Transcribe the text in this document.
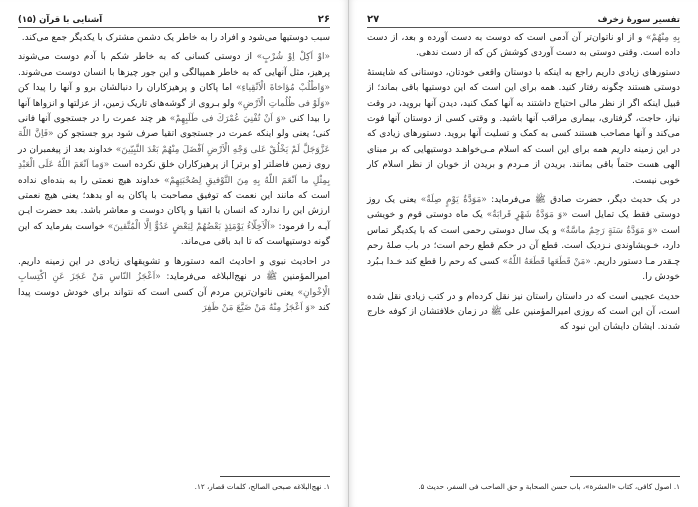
۲۶
آشنایی با قرآن (۱۵)

سبب دوستیها می‌شود و افراد را به خاطر یک دشمن مشترک با یکدیگر جمع می‌کند.

«اوْ اَکِلْ اِوْ شُرْبٍ» از دوستی کسانی که به خاطر شکم با آدم دوست می‌شوند پرهیز، مثل آنهایی که به خاطر همپیالگی و این جور چیزها با انسان دوست می‌شوند. «وَاطْلُبْ مُؤاخاةَ الْاَتْقِياءِ» اما پاکان و پرهیزکاران را دنبالشان برو و آنها را پیدا کن «وَلَوْ فى ظُلُماتِ الْاَرْضِ» ولو بـروی از گوشه‌های تاریک زمین، از عزلتها و انزواها آنها را بیدا کنی «وَ اَنْ تُفْنِيَ عُمْرَكَ فى طَلَبِهِمْ» هر چند عمرت را در جستجوی آنها فانی کنی؛ یعنی ولو اینکه عمرت در جستجوی اتقیا صرف شود برو جستجو کن «فَاِنَّ اللّهَ عَزَّوَجَلَّ لَمْ يَخْلُقْ عَلى وَجْهِ الْاَرْضِ اَفْضَلَ مِنْهُمْ بَعْدَ النَّبِيّينَ» خداوند بعد از پیغمبران در روی زمین فاضلتر [و برتر] از پرهیزکاران خلق نکرده است «وَما اَنْعَمَ اللّهُ عَلَى الْعَبْدِ بِمِثْلِ ما اَنْعَمَ اللّهُ بِهِ مِنَ التَّوْفيقِ لِصُحْبَتِهِمْ» خداوند هیچ نعمتی را به بنده‌ای نداده است که مانند این نعمت که توفیق مصاحبت با پاکان به او بدهد؛ یعنی هیچ نعمتی ارزش این را ندارد که انسان با اتقیا و پاکان دوست و معاشر باشد. بعد حضرت ایـن آیـه را فرمود: «اَلْاَخِلّاءُ يَوْمَئِذٍ بَعْضُهُمْ لِبَعْضٍ عَدُوٌّ اِلَّا الْمُتَّقينَ» خواست بفرماید که این گونه دوستیهاست که تا ابد باقی می‌ماند.

در احادیث نبوی و احادیث ائمه دستورها و تشویقهای زیادی در این زمینه داریم. امیرالمؤمنین ﷺ در نهج‌البلاغه می‌فرماید: «اَعْجَزُ النّاسِ مَنْ عَجَزَ عَنِ اكْتِسابِ الْاِخْوانِ» یعنی ناتوان‌ترین مردم آن کسی است که نتواند برای خودش دوست پیدا کند «وَ اَعْجَزُ مِنْهُ مَنْ ضَيَّعَ مَنْ ظَفِرَ

۱. نهج‌البلاغه صبحی الصالح، کلمات قصار، ۱۲.
تفسیر سورهٔ زخرف
۲۷

بِهِ مِنْهُمْ» و از او ناتوان‌تر آن آدمی است که دوست به دست آورده و بعد، از دست داده است. وقتی دوستی به دست آوردی کوشش کن که از دست ندهی.

دستورهای زیادی داریم راجع به اینکه با دوستان واقعی خودتان، دوستانی که شایستهٔ دوستی هستند چگونه رفتار کنید. همه برای این است که این دوستیها باقی بماند؛ از قبیل اینکه اگر از نظر مالی احتیاج داشتند به آنها کمک کنید، دیدن آنها بروید، در وقت نیاز، حاجت، گرفتاری، بیماری مراقب آنها باشید. و وقتی کسی از دوستان آنها فوت می‌کند و آنها مصاحب هستند کسی به کمک و تسلیت آنها بروید. دستورهای زیادی که در این زمینه داریم همه برای این است که اسلام مـی‌خواهـد دوستیهایی که بر مبنای الهی هست حتماً باقی بمانند. بریدن از مـردم و بریدن از خوبان از نظر اسلام کار خوبی نیست.

در یک حدیث دیگر، حضرت صادق ﷺ می‌فرماید: «مَوَدَّةُ يَوْمٍ صِلَةٌ» یعنی یک روز دوستی فقط یک تمایل است «وَ مَوَدَّةُ شَهْرٍ قَرابَةٌ» یک ماه دوستی قوم و خویشی است «وَ مَوَدَّةُ سَنَةٍ رَحِمٌ ماسَّةٌ» و یک سال دوستی رحمی است که با یکدیگر تماس دارد، خـویشاوندی نـزدیک است. قطع آن در حکم قطع رحم است؛ در باب صلهٔ رحم چـقدر مـا دستور داریم. «مَنْ قَطَعَها قَطَعَهُ اللّهُ» کسی که رحم را قطع کند خـدا بـبُرد خودش را.

حدیث عجیبی است که در داستان راستان نیز نقل کرده‌ام و در کتب زیادی نقل شده است، آن این است که روزی امیرالمؤمنین علی ﷺ در زمان خلافتشان از کوفه خارج شدند. ایشان دایشان این نبود که

۱. اصول کافی، کتاب «العشرة»، باب حسن الصحابة و حق الصاحب فی السفر، حدیث ۵.
